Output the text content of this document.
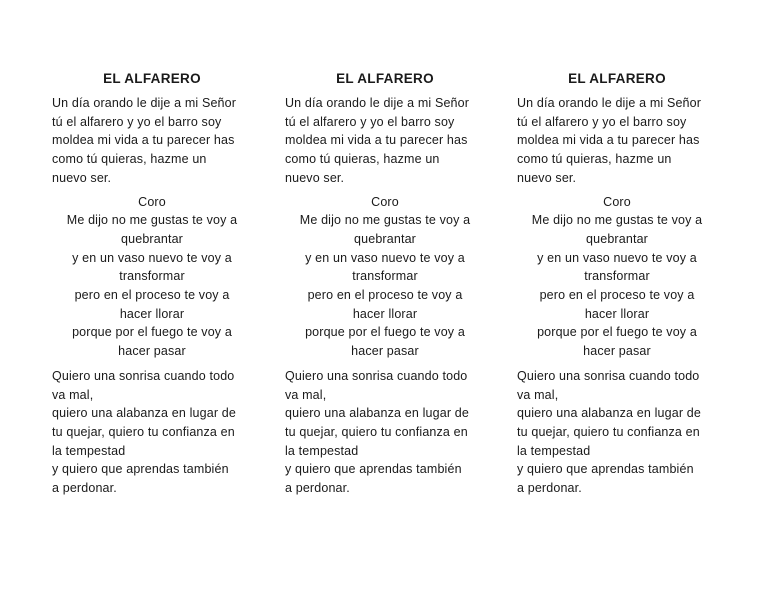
EL ALFARERO

Un día orando le dije a mi Señor
tú el alfarero y yo el barro soy
moldea mi vida a tu parecer has
como tú quieras, hazme un
nuevo ser.

Coro
Me dijo no me gustas te voy a
quebrantar
y en un vaso nuevo te voy a
transformar
pero en el proceso te voy a
hacer llorar
porque por el fuego te voy a
hacer pasar

Quiero una sonrisa cuando todo
va mal,
quiero una alabanza en lugar de
tu quejar, quiero tu confianza en
la tempestad
y quiero que aprendas también
a perdonar.

EL ALFARERO

Un día orando le dije a mi Señor
tú el alfarero y yo el barro soy
moldea mi vida a tu parecer has
como tú quieras, hazme un
nuevo ser.

Coro
Me dijo no me gustas te voy a
quebrantar
y en un vaso nuevo te voy a
transformar
pero en el proceso te voy a
hacer llorar
porque por el fuego te voy a
hacer pasar

Quiero una sonrisa cuando todo
va mal,
quiero una alabanza en lugar de
tu quejar, quiero tu confianza en
la tempestad
y quiero que aprendas también
a perdonar.

EL ALFARERO

Un día orando le dije a mi Señor
tú el alfarero y yo el barro soy
moldea mi vida a tu parecer has
como tú quieras, hazme un
nuevo ser.

Coro
Me dijo no me gustas te voy a
quebrantar
y en un vaso nuevo te voy a
transformar
pero en el proceso te voy a
hacer llorar
porque por el fuego te voy a
hacer pasar

Quiero una sonrisa cuando todo
va mal,
quiero una alabanza en lugar de
tu quejar, quiero tu confianza en
la tempestad
y quiero que aprendas también
a perdonar.
